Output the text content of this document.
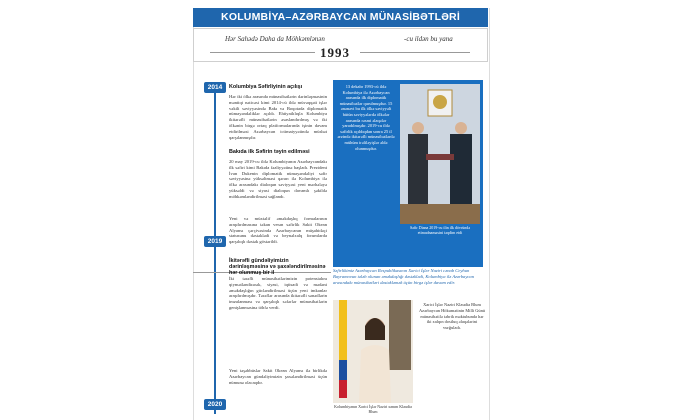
KOLUMBİYA–AZƏRBAYCAN MÜNASİBƏTLƏRİ
Hər Sahədə Daha da Möhkəmlənən	-cu ildən bu yana
1993
2014
2019
2020
Kolumbiya Səfirliyinin açılışı
Hər iki ölkə arasında münasibətlərin dərinləşməsinin məntiqi nəticəsi kimi 2014-cü ildə müvəqqəti işlər vəkili səviyyəsində Bakı və Boqotada diplomatik nümayəndəliklər açıldı. Ehtiyatlılıqla Kolumbiya ikitərəfli münasibətlərin əsaslandırılmış və iki ölkənin birgə ortaq platformalarında işinin davam etdirilməsi Azərbaycan ictimaiyyətində müsbət qarşılanmışdır.
Bakıda ilk Səfirin təyin edilməsi
20 may 2019-cu ildə Kolumbiyanın Azərbaycandakı ilk səfiri kimi Bakıda fəaliyyətinə başladı. Prezident İvan Dukenin diplomatik nümayəndəliyi səfir səviyyəsinə yüksəltməsi qərarı ilə Kolumbiya ilə ölkə arasındakı dialoqun səviyyəsi yeni mərhələyə yüksəldi və siyasi dialoqun davamlı şəkildə möhkəmləndirilməsi sağlandı.
Yeni və müxtəlif əməkdaşlıq formalarının araşdırılmasına təkan verən səfirlik Sakit Okean Alyansı çərçivəsində Azərbaycanın müşahidəçi statusunu dəstəklədi və beynəlxalq forumlarda qarşılıqlı dəstək göstərildi.
İkitərəfli gündəliyimizin dərinləşməsinə və şaxələndirilməsinə hər olunmuş bir il
İki tərəfli münasibətlərimizin potensialını qiymətləndirərək, siyasi, iqtisadi və mədəni əməkdaşlığın gücləndirilməsi üçün yeni imkanlar araşdırılmışdır. Tərəflər arasında ikitərəfli sənədlərin imzalanması və qarşılıqlı səfərlər münasibətlərin genişlənməsinə töhfə verdi.
Yeni təşəbbüslər Sakit Okean Alyansı ilə birlikdə Azərbaycan gündəliyimizin şaxələndirilməsi üçün nümunə olacaqdır.
13 dekabr 1993-cü ildə Kolumbiya ilə Azərbaycan arasında ilk diplomatik münasibətlər qurulmuşdur. 15 ənənəvi bu ilk ölkə səviyyəli bütün səviyyələrdə ölkələr arasında rəsmi əlaqələr yaradılmışdır. 2019-cu ildə səfirlik açıldıqdan sonra 25 il ərzində ikitərəfli münasibətlərdə mühüm irəliləyişlər əldə olunmuşdur.
Səfir Diana 2019-cu ilin ilk dövründə etimadnaməsini təqdim etdi
Səfirlikimiz Azərbaycan Respublikasının Xarici İşlər Naziri cənab Ceyhun Bayramovun tələb olunan əməkdaşlığı dəstəklədi, Kolumbiya ilə Azərbaycan arasındakı münasibətləri dəstəkləmək üçün birgə işlər davam edir.
Kolumbiyanın Xarici İşlər Naziri xanım Klaudia Blum
Xarici İşlər Naziri Klaudia Blum Azərbaycan Hökumətinin Milli Günü münasibətilə təbrik məktubunda hər iki xalqın dostluq əlaqələrini vurğuladı.
